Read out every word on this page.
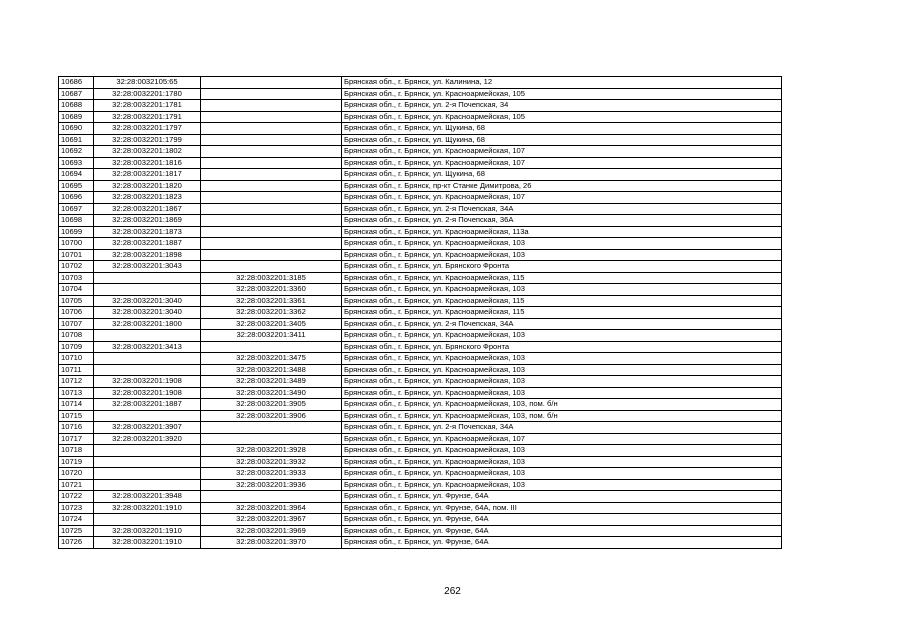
10686	32:28:0032105:65		Брянская обл., г. Брянск, ул. Калинина, 12
10687	32:28:0032201:1780		Брянская обл., г. Брянск, ул. Красноармейская, 105
10688	32:28:0032201:1781		Брянская обл., г. Брянск, ул. 2-я Почепская, 34
10689	32:28:0032201:1791		Брянская обл., г. Брянск, ул. Красноармейская, 105
10690	32:28:0032201:1797		Брянская обл., г. Брянск, ул. Щукина, 68
10691	32:28:0032201:1799		Брянская обл., г. Брянск, ул. Щукина, 68
10692	32:28:0032201:1802		Брянская обл., г. Брянск, ул. Красноармейская, 107
10693	32:28:0032201:1816		Брянская обл., г. Брянск, ул. Красноармейская, 107
10694	32:28:0032201:1817		Брянская обл., г. Брянск, ул. Щукина, 68
10695	32:28:0032201:1820		Брянская обл., г. Брянск, пр-кт Станке Димитрова, 26
10696	32:28:0032201:1823		Брянская обл., г. Брянск, ул. Красноармейская, 107
10697	32:28:0032201:1867		Брянская обл., г. Брянск, ул. 2-я Почепская, 34А
10698	32:28:0032201:1869		Брянская обл., г. Брянск, ул. 2-я Почепская, 36А
10699	32:28:0032201:1873		Брянская обл., г. Брянск, ул. Красноармейская, 113а
10700	32:28:0032201:1887		Брянская обл., г. Брянск, ул. Красноармейская, 103
10701	32:28:0032201:1898		Брянская обл., г. Брянск, ул. Красноармейская, 103
10702	32:28:0032201:3043		Брянская обл., г. Брянск, ул. Брянского Фронта
10703		32:28:0032201:3185	Брянская обл., г. Брянск, ул. Красноармейская, 115
10704		32:28:0032201:3360	Брянская обл., г. Брянск, ул. Красноармейская, 103
10705	32:28:0032201:3040	32:28:0032201:3361	Брянская обл., г. Брянск, ул. Красноармейская, 115
10706	32:28:0032201:3040	32:28:0032201:3362	Брянская обл., г. Брянск, ул. Красноармейская, 115
10707	32:28:0032201:1800	32:28:0032201:3405	Брянская обл., г. Брянск, ул. 2-я Почепская, 34А
10708		32:28:0032201:3411	Брянская обл., г. Брянск, ул. Красноармейская, 103
10709	32:28:0032201:3413		Брянская обл., г. Брянск, ул. Брянского Фронта
10710		32:28:0032201:3475	Брянская обл., г. Брянск, ул. Красноармейская, 103
10711		32:28:0032201:3488	Брянская обл., г. Брянск, ул. Красноармейская, 103
10712	32:28:0032201:1908	32:28:0032201:3489	Брянская обл., г. Брянск, ул. Красноармейская, 103
10713	32:28:0032201:1908	32:28:0032201:3490	Брянская обл., г. Брянск, ул. Красноармейская, 103
10714	32:28:0032201:1887	32:28:0032201:3905	Брянская обл., г. Брянск, ул. Красноармейская, 103, пом. б/н
10715		32:28:0032201:3906	Брянская обл., г. Брянск, ул. Красноармейская, 103, пом. б/н
10716	32:28:0032201:3907		Брянская обл., г. Брянск, ул. 2-я Почепская, 34А
10717	32:28:0032201:3920		Брянская обл., г. Брянск, ул. Красноармейская, 107
10718		32:28:0032201:3928	Брянская обл., г. Брянск, ул. Красноармейская, 103
10719		32:28:0032201:3932	Брянская обл., г. Брянск, ул. Красноармейская, 103
10720		32:28:0032201:3933	Брянская обл., г. Брянск, ул. Красноармейская, 103
10721		32:28:0032201:3936	Брянская обл., г. Брянск, ул. Красноармейская, 103
10722	32:28:0032201:3948		Брянская обл., г. Брянск, ул. Фрунзе, 64А
10723	32:28:0032201:1910	32:28:0032201:3964	Брянская обл., г. Брянск, ул. Фрунзе, 64А, пом. III
10724		32:28:0032201:3967	Брянская обл., г. Брянск, ул. Фрунзе, 64А
10725	32:28:0032201:1910	32:28:0032201:3969	Брянская обл., г. Брянск, ул. Фрунзе, 64А
10726	32:28:0032201:1910	32:28:0032201:3970	Брянская обл., г. Брянск, ул. Фрунзе, 64А
262
